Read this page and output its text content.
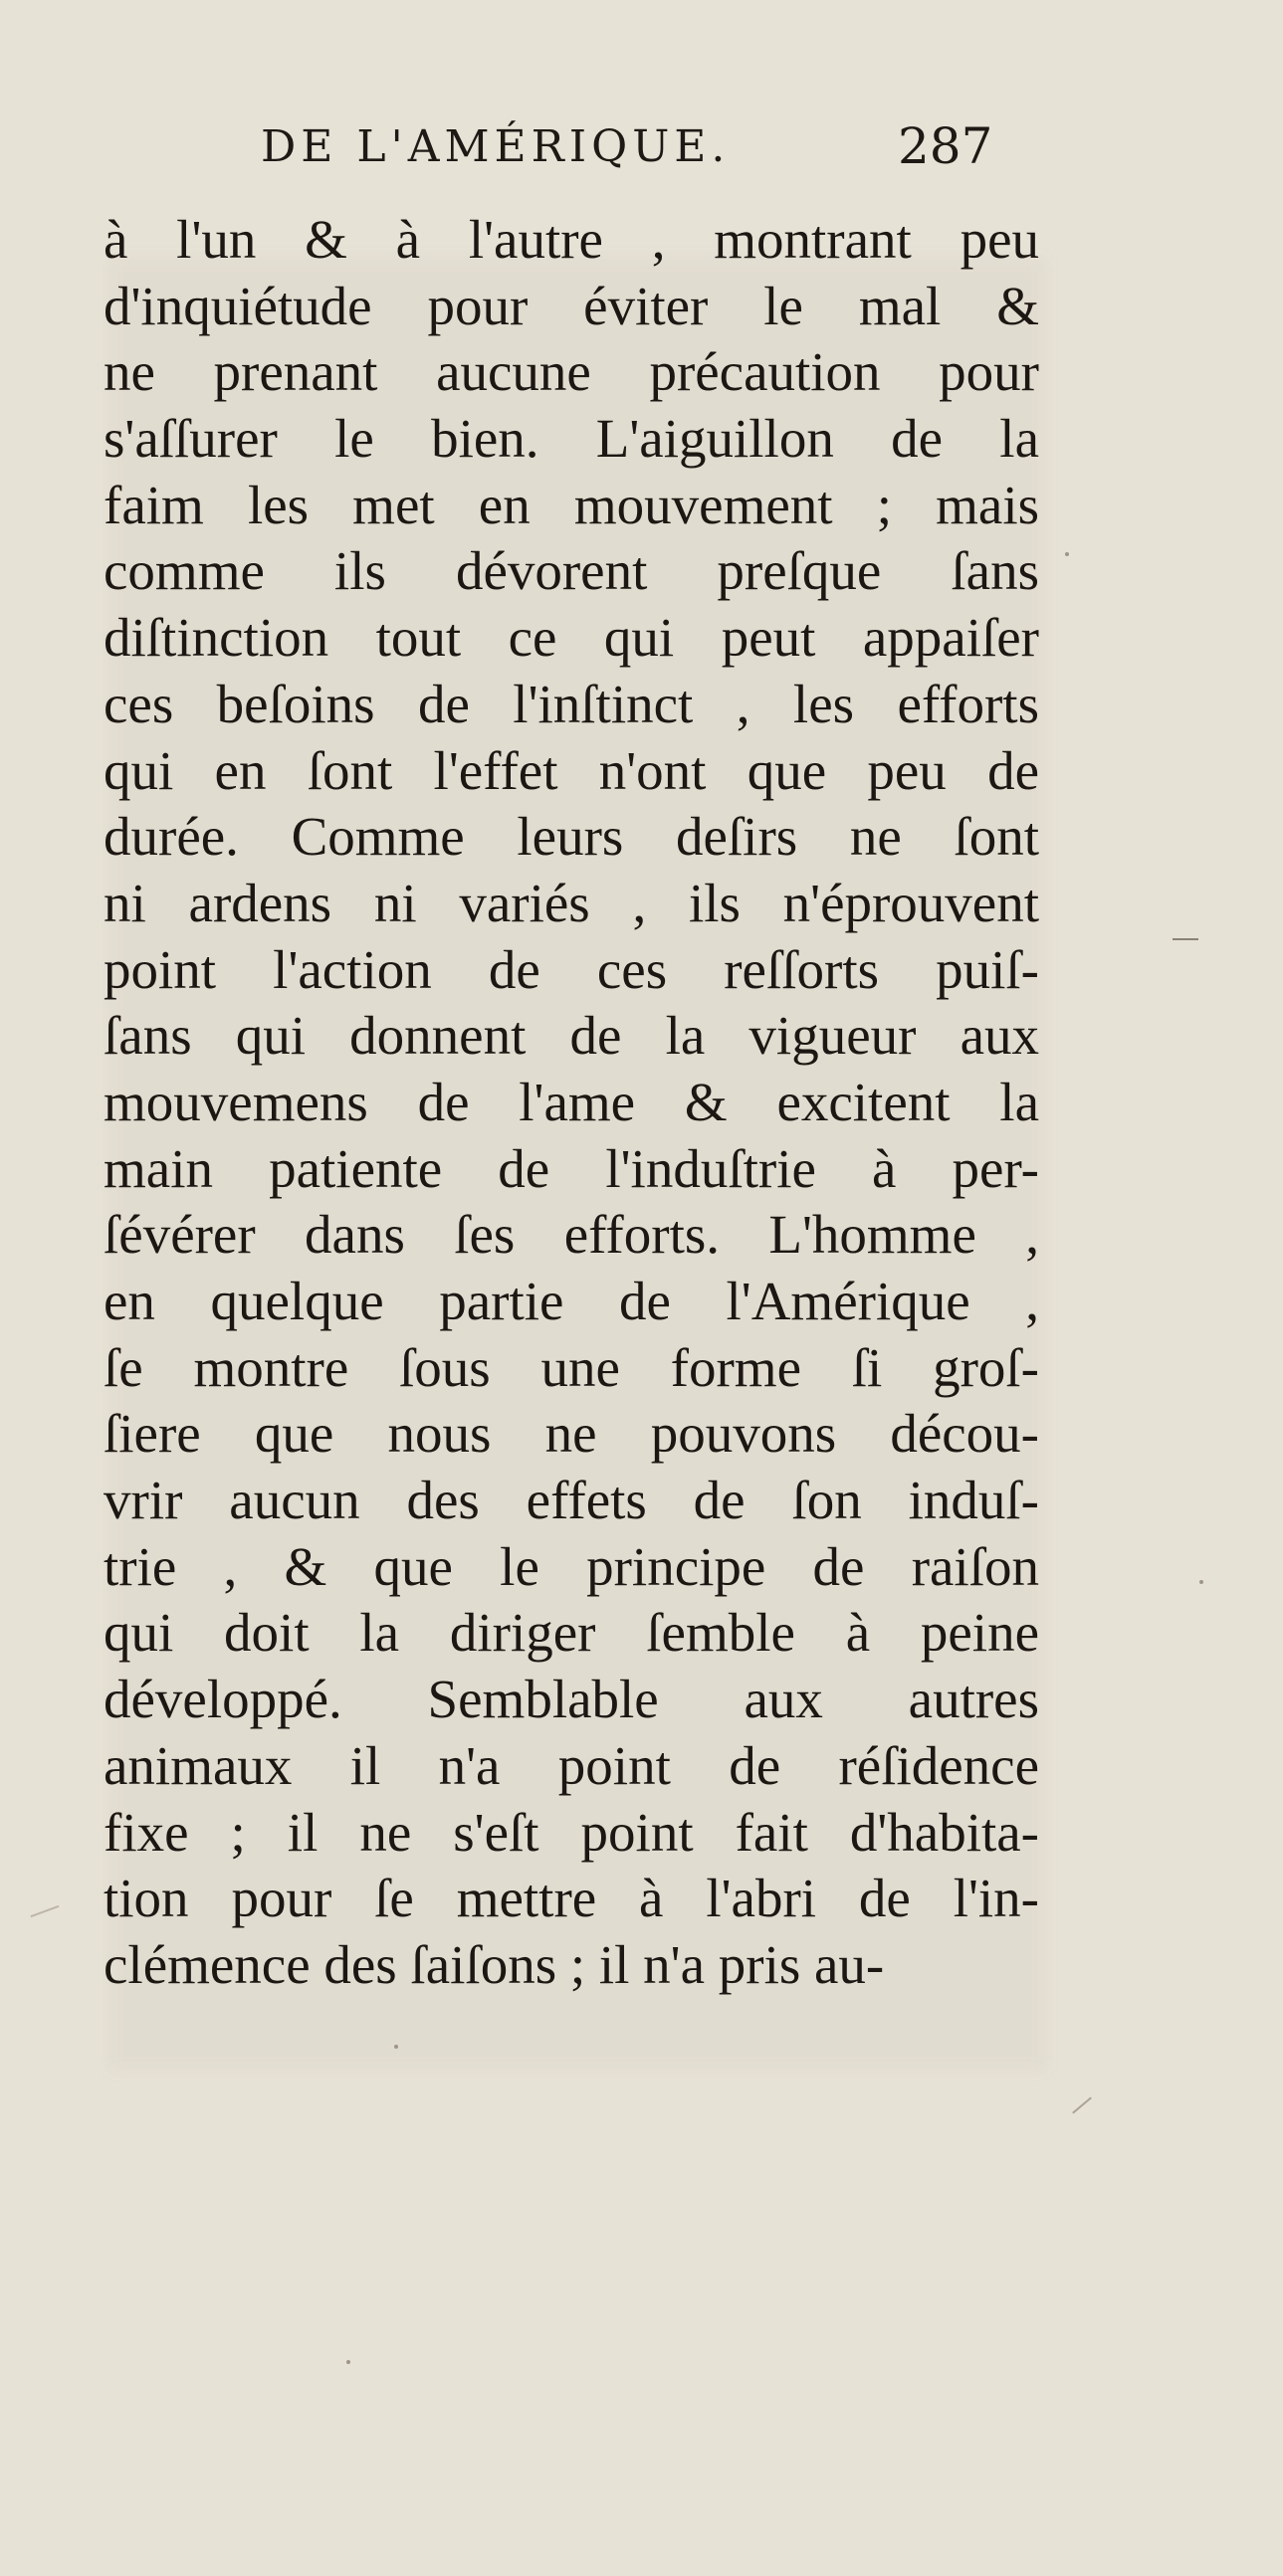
DE L'AMÉRIQUE.	287
à l'un & à l'autre , montrant peu
d'inquiétude pour éviter le mal &
ne prenant aucune précaution pour
s'aſſurer le bien. L'aiguillon de la
faim les met en mouvement ; mais
comme ils dévorent preſque ſans
diſtinction tout ce qui peut appaiſer
ces beſoins de l'inſtinct , les efforts
qui en ſont l'effet n'ont que peu de
durée. Comme leurs deſirs ne ſont
ni ardens ni variés , ils n'éprouvent
point l'action de ces reſſorts puiſ-
ſans qui donnent de la vigueur aux
mouvemens de l'ame & excitent la
main patiente de l'induſtrie à per-
ſévérer dans ſes efforts. L'homme ,
en quelque partie de l'Amérique ,
ſe montre ſous une forme ſi groſ-
ſiere que nous ne pouvons décou-
vrir aucun des effets de ſon induſ-
trie , & que le principe de raiſon
qui doit la diriger ſemble à peine
développé. Semblable aux autres
animaux il n'a point de réſidence
fixe ; il ne s'eſt point fait d'habita-
tion pour ſe mettre à l'abri de l'in-
clémence des ſaiſons ; il n'a pris au-
